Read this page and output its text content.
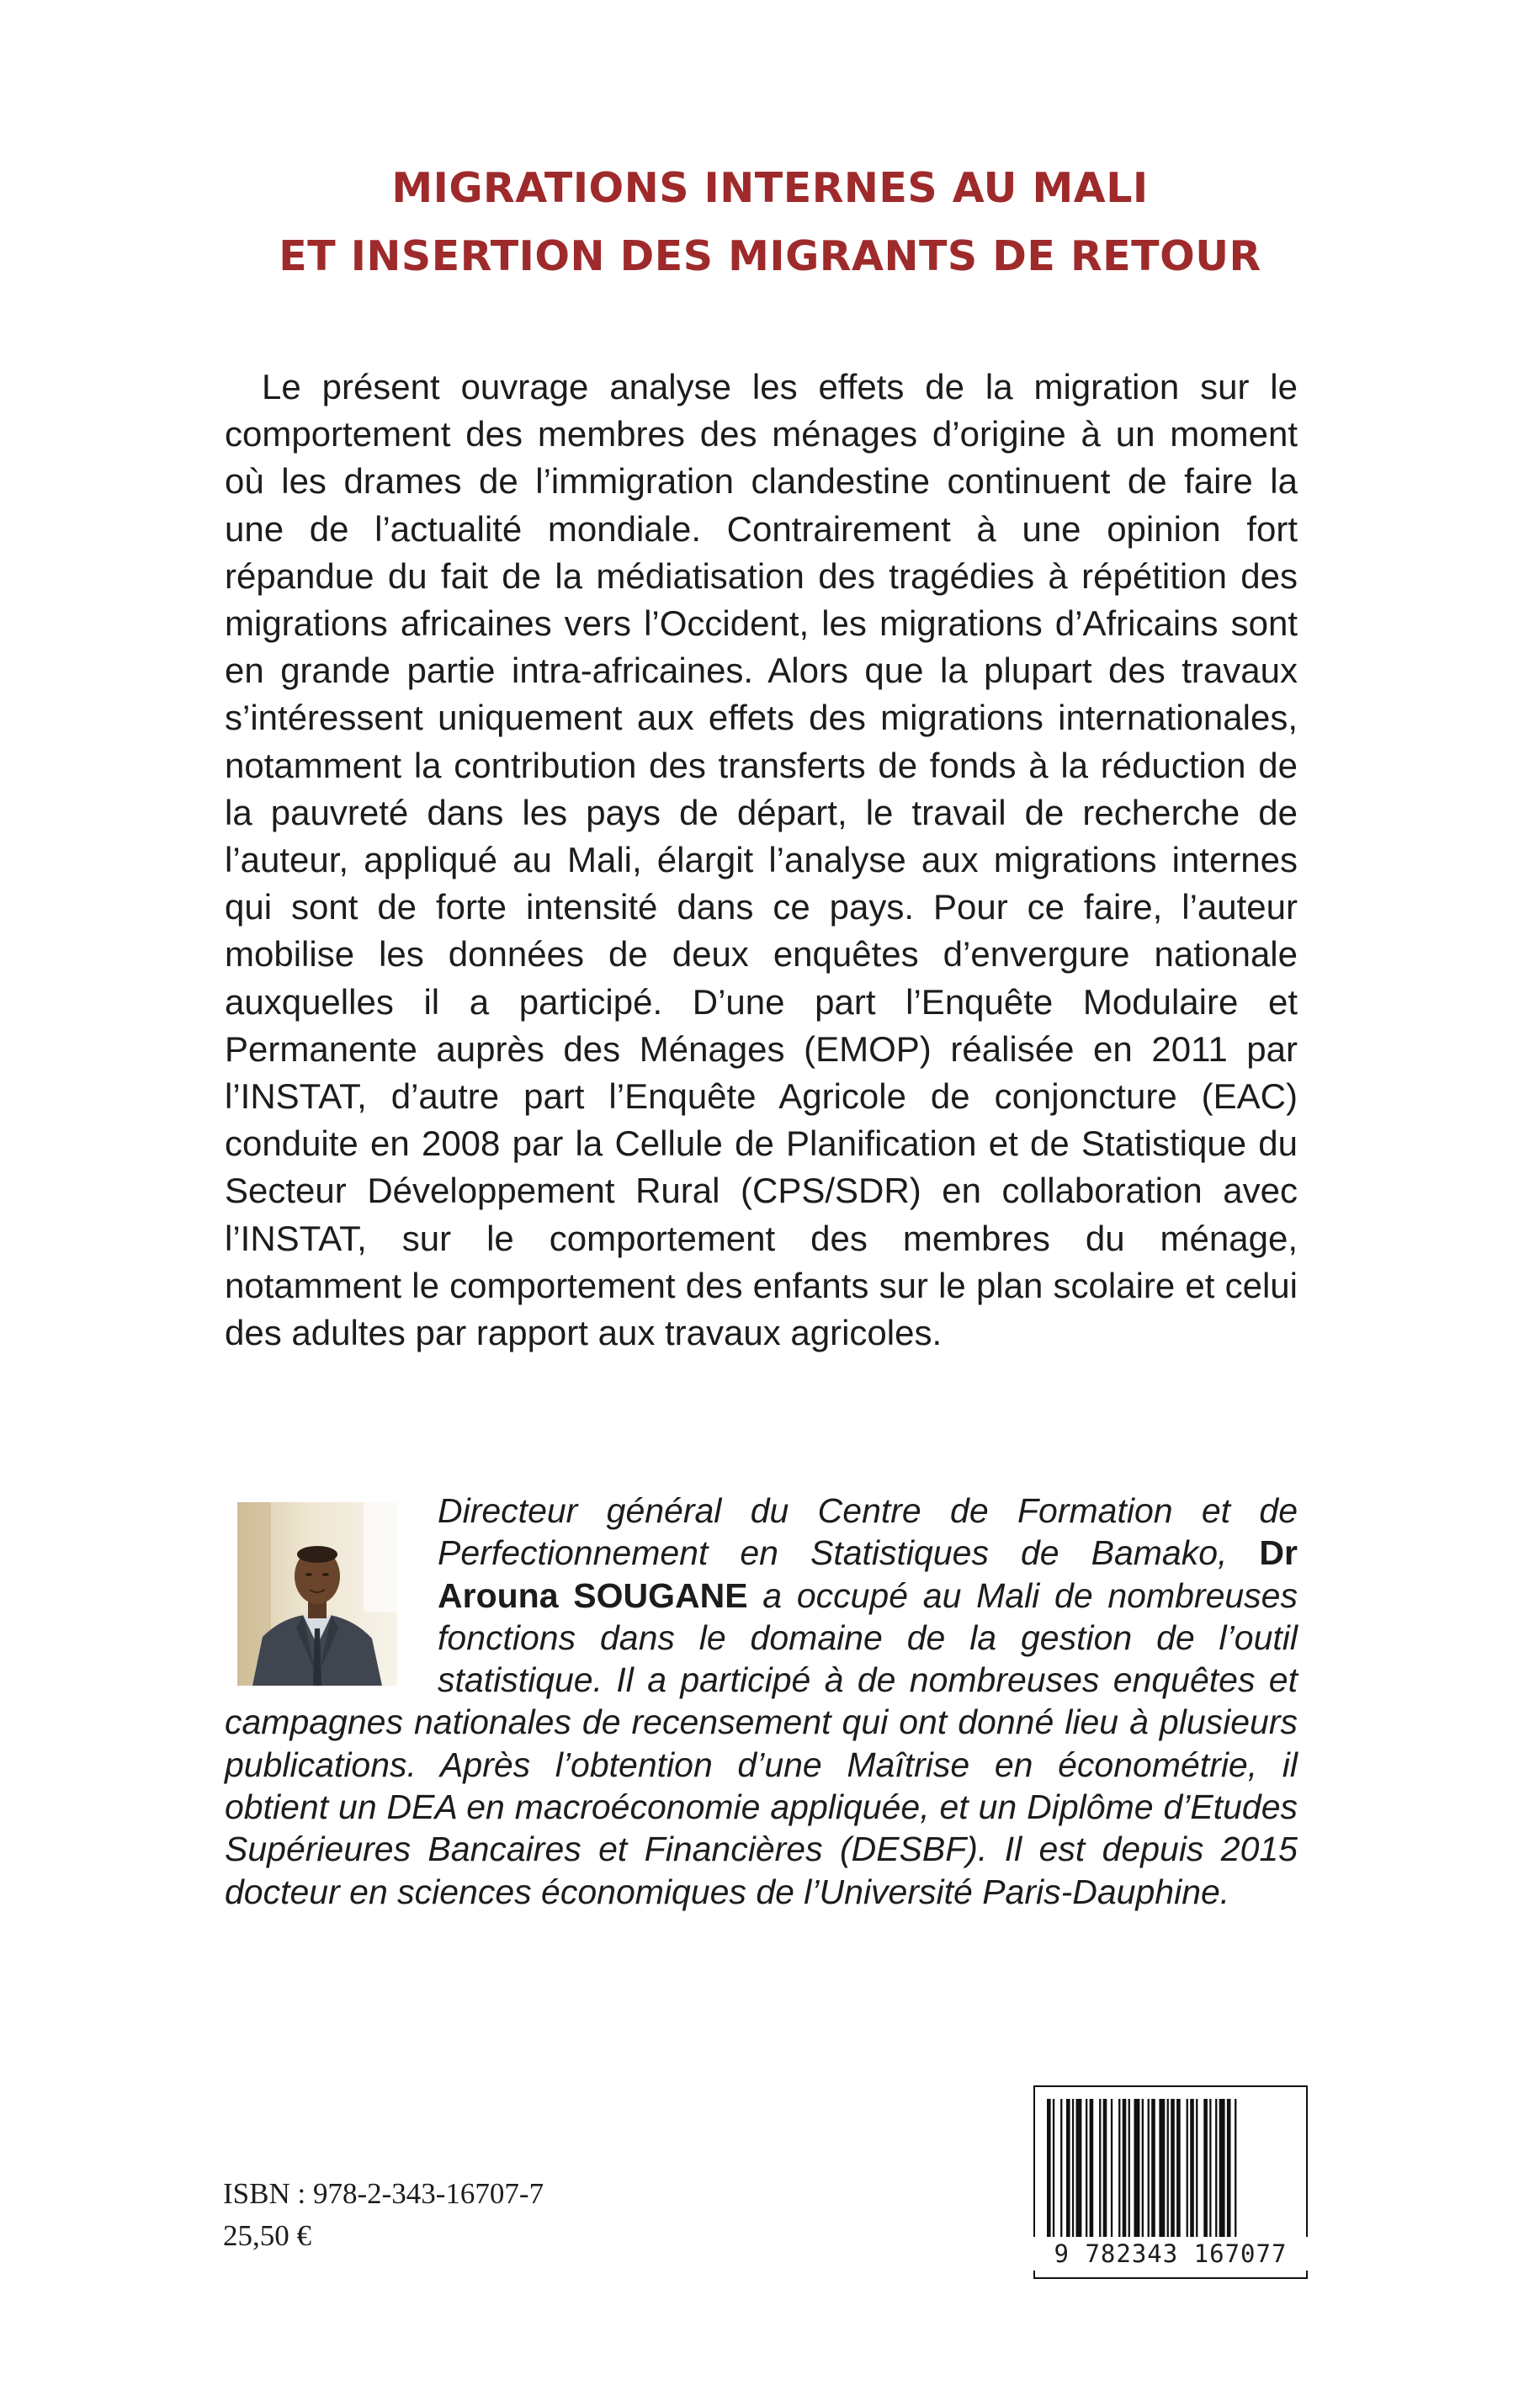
MIGRATIONS INTERNES AU MALI
ET INSERTION DES MIGRANTS DE RETOUR

Le présent ouvrage analyse les effets de la migration sur le comportement des membres des ménages d’origine à un moment où les drames de l’immigration clandestine continuent de faire la une de l’actualité mondiale. Contrairement à une opinion fort répandue du fait de la médiatisation des tragédies à répétition des migrations africaines vers l’Occident, les migrations d’Africains sont en grande partie intra-africaines. Alors que la plupart des travaux s’intéressent uniquement aux effets des migrations internationales, notamment la contribution des transferts de fonds à la réduction de la pauvreté dans les pays de départ, le travail de recherche de l’auteur, appliqué au Mali, élargit l’analyse aux migrations internes qui sont de forte intensité dans ce pays. Pour ce faire, l’auteur mobilise les données de deux enquêtes d’envergure nationale auxquelles il a participé. D’une part l’Enquête Modulaire et Permanente auprès des Ménages (EMOP) réalisée en 2011 par l’INSTAT, d’autre part l’Enquête Agricole de conjoncture (EAC) conduite en 2008 par la Cellule de Planification et de Statistique du Secteur Développement Rural (CPS/SDR) en collaboration avec l’INSTAT, sur le comportement des membres du ménage, notamment le comportement des enfants sur le plan scolaire et celui des adultes par rapport aux travaux agricoles.

Directeur général du Centre de Formation et de Perfectionnement en Statistiques de Bamako, Dr Arouna SOUGANE a occupé au Mali de nombreuses fonctions dans le domaine de la gestion de l’outil statistique. Il a participé à de nombreuses enquêtes et campagnes nationales de recensement qui ont donné lieu à plusieurs publications. Après l’obtention d’une Maîtrise en économétrie, il obtient un DEA en macroéconomie appliquée, et un Diplôme d’Etudes Supérieures Bancaires et Financières (DESBF). Il est depuis 2015 docteur en sciences économiques de l’Université Paris-Dauphine.

ISBN : 978-2-343-16707-7
25,50 €
9 782343 167077
